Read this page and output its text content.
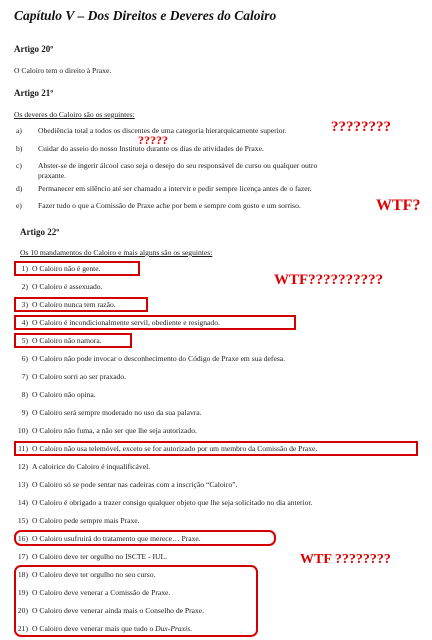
Capítulo V – Dos Direitos e Deveres do Caloiro
Artigo 20º
O Caloiro tem o direito à Praxe.
Artigo 21º
Os deveres do Caloiro são os seguintes:
a) Obediência total a todos os discentes de uma categoria hierarquicamente superior.
b) Cuidar do asseio do nosso Instituto durante os dias de atividades de Praxe.
c) Abster-se de ingerir álcool caso seja o desejo do seu responsável de curso ou qualquer outro
praxante.
d) Permanecer em silêncio até ser chamado a intervir e pedir sempre licença antes de o fazer.
e) Fazer tudo o que a Comissão de Praxe ache por bem e sempre com gosto e um sorriso.
Artigo 22º
Os 10 mandamentos do Caloiro e mais alguns são os seguintes:
1) O Caloiro não é gente.
2) O Caloiro é assexuado.
3) O Caloiro nunca tem razão.
4) O Caloiro é incondicionalmente servil, obediente e resignado.
5) O Caloiro não namora.
6) O Caloiro não pode invocar o desconhecimento do Código de Praxe em sua defesa.
7) O Caloiro sorri ao ser praxado.
8) O Caloiro não opina.
9) O Caloiro será sempre moderado no uso da sua palavra.
10) O Caloiro não fuma, a não ser que lhe seja autorizado.
11) O Caloiro não usa telemóvel, exceto se for autorizado por um membro da Comissão de Praxe.
12) A caloirice do Caloiro é inqualificável.
13) O Caloiro só se pode sentar nas cadeiras com a inscrição “Caloiro”.
14) O Caloiro é obrigado a trazer consigo qualquer objeto que lhe seja solicitado no dia anterior.
15) O Caloiro pede sempre mais Praxe.
16) O Caloiro usufruirá do tratamento que merece… Praxe.
17) O Caloiro deve ter orgulho no ISCTE - IUL.
18) O Caloiro deve ter orgulho no seu curso.
19) O Caloiro deve venerar a Comissão de Praxe.
20) O Caloiro deve venerar ainda mais o Conselho de Praxe.
21) O Caloiro deve venerar mais que tudo o Dux-Praxis.
????????
?????
WTF?
WTF??????????
WTF ????????
